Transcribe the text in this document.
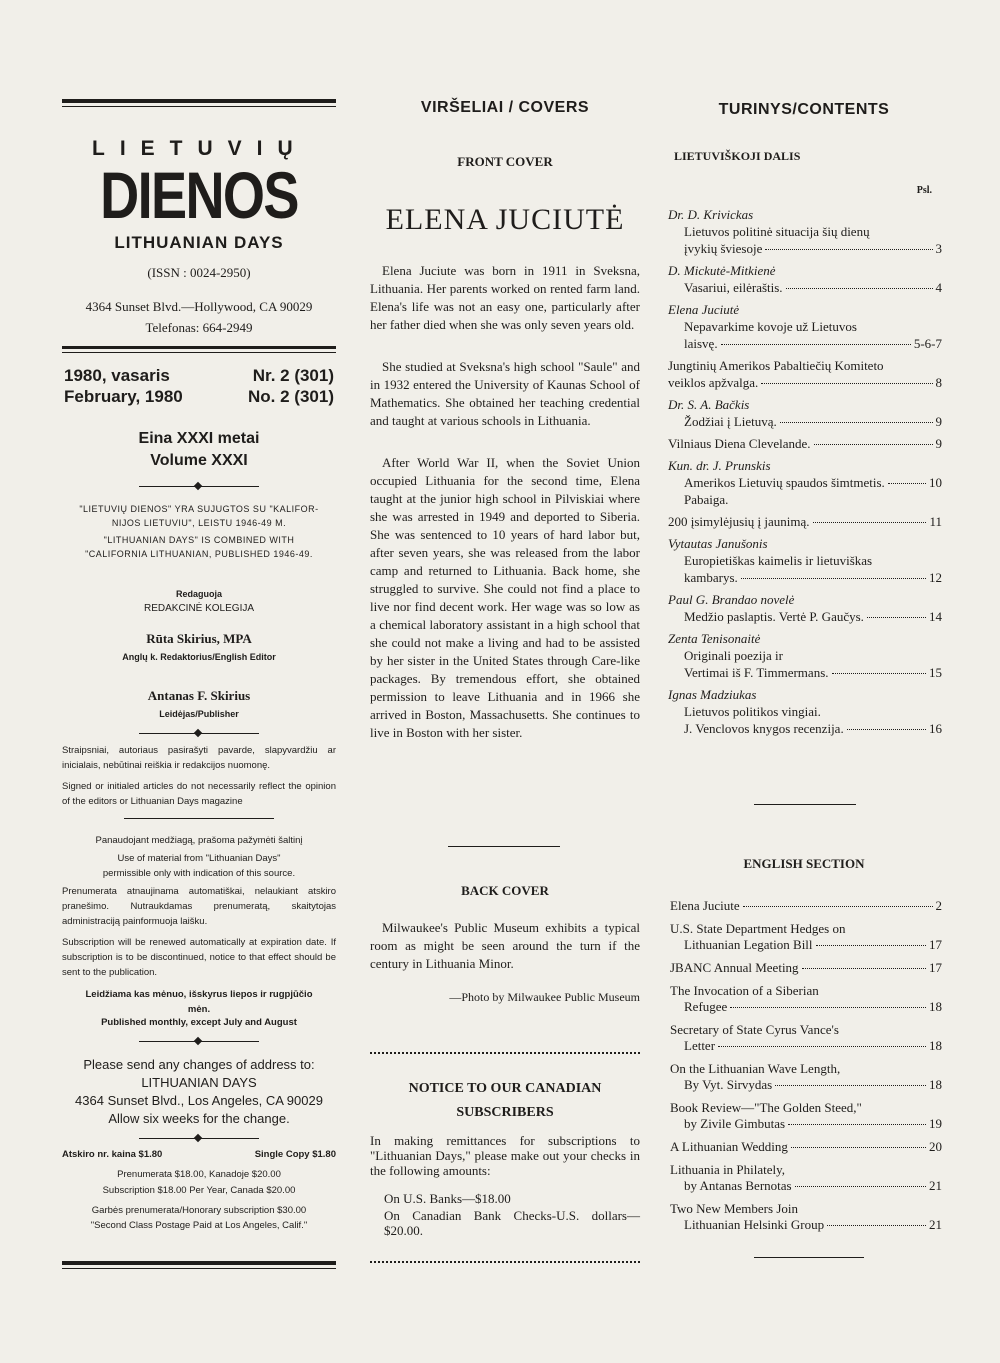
LIETUVIŲ
DIENOS
LITHUANIAN DAYS
(ISSN : 0024-2950)
4364 Sunset Blvd.—Hollywood, CA 90029
Telefonas: 664-2949
1980, vasaris	Nr. 2 (301)
February, 1980	No. 2 (301)
Eina XXXI metai
Volume XXXI
"LIETUVIŲ DIENOS" YRA SUJUGTOS SU "KALIFOR-
NIJOS LIETUVIU", LEISTU 1946-49 M.
"LITHUANIAN DAYS" IS COMBINED WITH
"CALIFORNIA LITHUANIAN, PUBLISHED 1946-49.
Redaguoja
REDAKCINĖ KOLEGIJA
Rūta Skirius, MPA
Anglų k. Redaktorius/English Editor
Antanas F. Skirius
Leidėjas/Publisher
Straipsniai, autoriaus pasirašyti pavarde, slapyvardžiu ar inicialais, nebūtinai reiškia ir redakcijos nuomonę.
Signed or initialed articles do not necessarily reflect the opinion of the editors or Lithuanian Days magazine
Panaudojant medžiagą, prašoma pažymėti šaltinį
Use of material from "Lithuanian Days"
permissible only with indication of this source.
Prenumerata atnaujinama automatiškai, nelaukiant atskiro pranešimo. Nutraukdamas prenumeratą, skaitytojas administraciją painformuoja laišku.
Subscription will be renewed automatically at expiration date. If subscription is to be discontinued, notice to that effect should be sent to the publication.
Leidžiama kas mėnuo, išskyrus liepos ir rugpjūčio mėn.
Published monthly, except July and August
Please send any changes of address to:
LITHUANIAN DAYS
4364 Sunset Blvd., Los Angeles, CA 90029
Allow six weeks for the change.
Atskiro nr. kaina $1.80	Single Copy $1.80
Prenumerata $18.00, Kanadoje $20.00
Subscription $18.00 Per Year, Canada $20.00
Garbės prenumerata/Honorary subscription $30.00
"Second Class Postage Paid at Los Angeles, Calif."
VIRŠELIAI / COVERS
FRONT COVER
ELENA JUCIUTĖ

Elena Juciute was born in 1911 in Sveksna, Lithuania. Her parents worked on rented farm land. Elena's life was not an easy one, particularly after her father died when she was only seven years old.

She studied at Sveksna's high school "Saule" and in 1932 entered the University of Kaunas School of Mathematics. She obtained her teaching credential and taught at various schools in Lithuania.

After World War II, when the Soviet Union occupied Lithuania for the second time, Elena taught at the junior high school in Pilviskiai where she was arrested in 1949 and deported to Siberia. She was sentenced to 10 years of hard labor but, after seven years, she was released from the labor camp and returned to Lithuania. Back home, she struggled to survive. She could not find a place to live nor find decent work. Her wage was so low as a chemical laboratory assistant in a high school that she could not make a living and had to be assisted by her sister in the United States through Care-like packages. By tremendous effort, she obtained permission to leave Lithuania and in 1966 she arrived in Boston, Massachusetts. She continues to live in Boston with her sister.

BACK COVER

Milwaukee's Public Museum exhibits a typical room as might be seen around the turn if the century in Lithuania Minor.

—Photo by Milwaukee Public Museum
NOTICE TO OUR CANADIAN
SUBSCRIBERS

In making remittances for subscriptions to "Lithuanian Days," please make out your checks in the following amounts:

On U.S. Banks—$18.00

On Canadian Bank Checks-U.S. dollars—$20.00.

TURINYS/CONTENTS
LIETUVIŠKOJI DALIS
Psl.
Dr. D. Krivickas
Lietuvos politinė situacija šių dienų
įvykių šviesoje	3
D. Mickutė-Mitkienė
Vasariui, eilėraštis.	4
Elena Juciutė
Nepavarkime kovoje už Lietuvos
laisvę.	5-6-7
Jungtinių Amerikos Pabaltiečių Komiteto
veiklos apžvalga.	8
Dr. S. A. Bačkis
Žodžiai į Lietuvą.	9
Vilniaus Diena Clevelande.	9
Kun. dr. J. Prunskis
Amerikos Lietuvių spaudos šimtmetis.	10
Pabaiga.
200 įsimylėjusių į jaunimą.	11
Vytautas Janušonis
Europietiškas kaimelis ir lietuviškas
kambarys.	12
Paul G. Brandao novelė
Medžio paslaptis. Vertė P. Gaučys.	14
Zenta Tenisonaitė
Originali poezija ir
Vertimai iš F. Timmermans.	15
Ignas Madziukas
Lietuvos politikos vingiai.
J. Venclovos knygos recenzija.	16
ENGLISH SECTION
Elena Juciute	2
U.S. State Department Hedges on
Lithuanian Legation Bill	17
JBANC Annual Meeting	17
The Invocation of a Siberian
Refugee	18
Secretary of State Cyrus Vance's
Letter	18
On the Lithuanian Wave Length,
By Vyt. Sirvydas	18
Book Review—"The Golden Steed,"
by Zivile Gimbutas	19
A Lithuanian Wedding	20
Lithuania in Philately,
by Antanas Bernotas	21
Two New Members Join
Lithuanian Helsinki Group	21
